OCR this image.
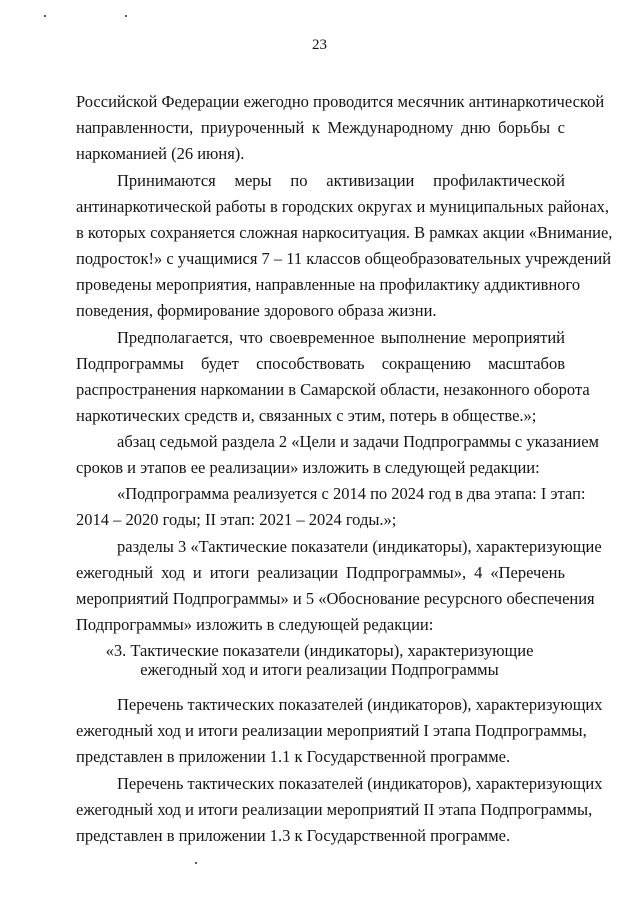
23
Российской Федерации ежегодно проводится месячник антинаркотической
направленности, приуроченный к Международному дню борьбы с
наркоманией (26 июня).
Принимаются меры по активизации профилактической
антинаркотической работы в городских округах и муниципальных районах,
в которых сохраняется сложная наркоситуация. В рамках акции «Внимание,
подросток!» с учащимися 7 – 11 классов общеобразовательных учреждений
проведены мероприятия, направленные на профилактику аддиктивного
поведения, формирование здорового образа жизни.
Предполагается, что своевременное выполнение мероприятий
Подпрограммы будет способствовать сокращению масштабов
распространения наркомании в Самарской области, незаконного оборота
наркотических средств и, связанных с этим, потерь в обществе.»;
абзац седьмой раздела 2 «Цели и задачи Подпрограммы с указанием
сроков и этапов ее реализации» изложить в следующей редакции:
«Подпрограмма реализуется с 2014 по 2024 год в два этапа: I этап:
2014 – 2020 годы; II этап: 2021 – 2024 годы.»;
разделы 3 «Тактические показатели (индикаторы), характеризующие
ежегодный ход и итоги реализации Подпрограммы», 4 «Перечень
мероприятий Подпрограммы» и 5 «Обоснование ресурсного обеспечения
Подпрограммы» изложить в следующей редакции:
«3. Тактические показатели (индикаторы), характеризующие
ежегодный ход и итоги реализации Подпрограммы
Перечень тактических показателей (индикаторов), характеризующих
ежегодный ход и итоги реализации мероприятий I этапа Подпрограммы,
представлен в приложении 1.1 к Государственной программе.
Перечень тактических показателей (индикаторов), характеризующих
ежегодный ход и итоги реализации мероприятий II этапа Подпрограммы,
представлен в приложении 1.3 к Государственной программе.
